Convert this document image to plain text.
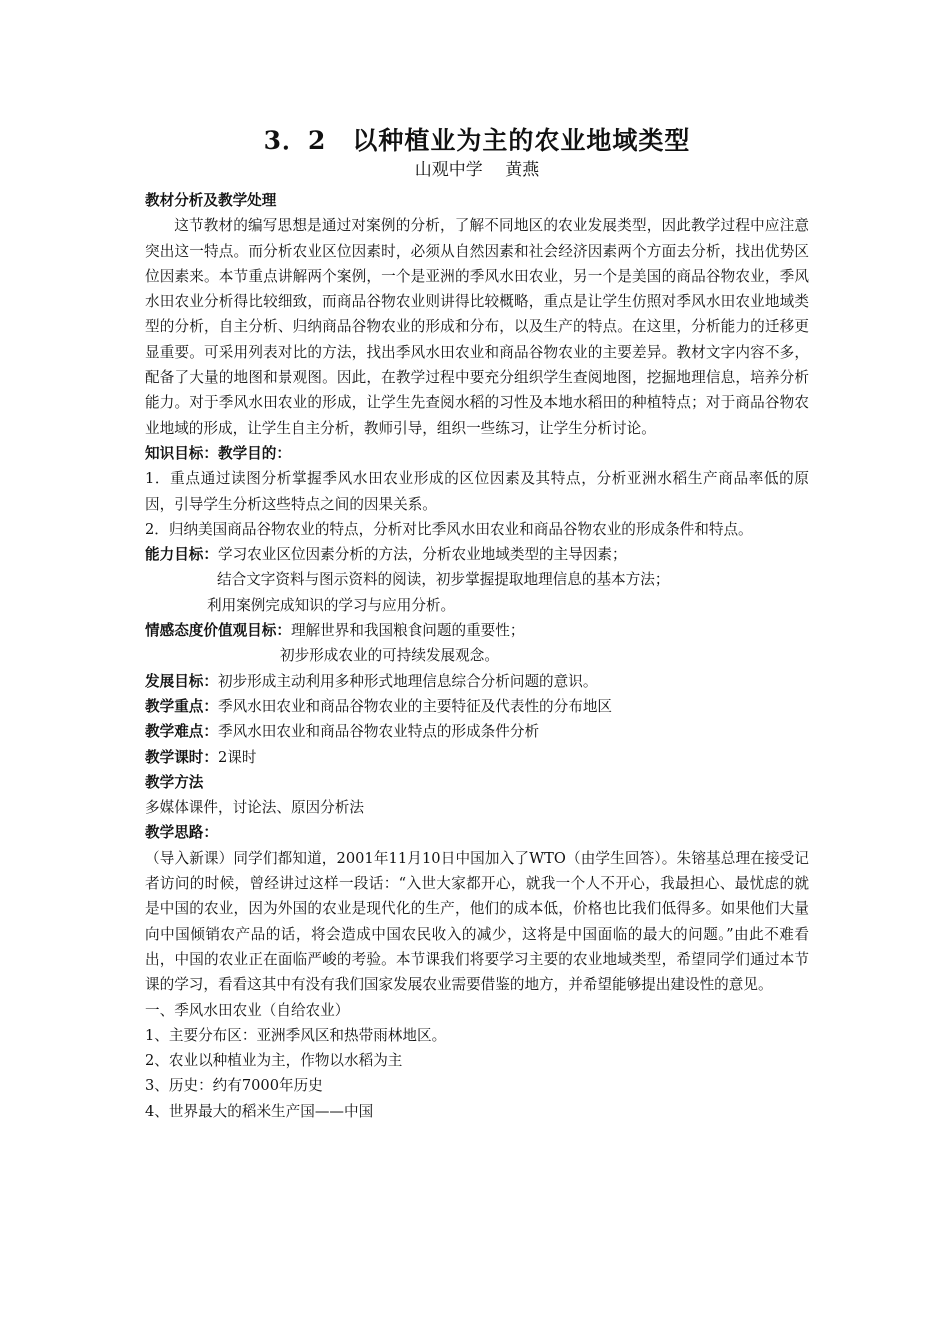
3．2　以种植业为主的农业地域类型

山观中学　 黄燕

教材分析及教学处理

这节教材的编写思想是通过对案例的分析，了解不同地区的农业发展类型，因此教学过程中应注意突出这一特点。而分析农业区位因素时，必须从自然因素和社会经济因素两个方面去分析，找出优势区位因素来。本节重点讲解两个案例，一个是亚洲的季风水田农业，另一个是美国的商品谷物农业，季风水田农业分析得比较细致，而商品谷物农业则讲得比较概略，重点是让学生仿照对季风水田农业地域类型的分析，自主分析、归纳商品谷物农业的形成和分布，以及生产的特点。在这里，分析能力的迁移更显重要。可采用列表对比的方法，找出季风水田农业和商品谷物农业的主要差异。教材文字内容不多，配备了大量的地图和景观图。因此，在教学过程中要充分组织学生查阅地图，挖掘地理信息，培养分析能力。对于季风水田农业的形成，让学生先查阅水稻的习性及本地水稻田的种植特点；对于商品谷物农业地域的形成，让学生自主分析，教师引导，组织一些练习，让学生分析讨论。

知识目标：教学目的：

1．重点通过读图分析掌握季风水田农业形成的区位因素及其特点，分析亚洲水稻生产商品率低的原因，引导学生分析这些特点之间的因果关系。

2．归纳美国商品谷物农业的特点，分析对比季风水田农业和商品谷物农业的形成条件和特点。

能力目标：学习农业区位因素分析的方法，分析农业地域类型的主导因素；

结合文字资料与图示资料的阅读，初步掌握提取地理信息的基本方法；

利用案例完成知识的学习与应用分析。

情感态度价值观目标：理解世界和我国粮食问题的重要性；

初步形成农业的可持续发展观念。

发展目标：初步形成主动利用多种形式地理信息综合分析问题的意识。

教学重点：季风水田农业和商品谷物农业的主要特征及代表性的分布地区

教学难点：季风水田农业和商品谷物农业特点的形成条件分析

教学课时：2课时

教学方法

多媒体课件，讨论法、原因分析法

教学思路：

（导入新课）同学们都知道，2001年11月10日中国加入了WTO（由学生回答）。朱镕基总理在接受记者访问的时候，曾经讲过这样一段话：“入世大家都开心，就我一个人不开心，我最担心、最忧虑的就是中国的农业，因为外国的农业是现代化的生产，他们的成本低，价格也比我们低得多。如果他们大量向中国倾销农产品的话，将会造成中国农民收入的减少，这将是中国面临的最大的问题。”由此不难看出，中国的农业正在面临严峻的考验。本节课我们将要学习主要的农业地域类型，希望同学们通过本节课的学习，看看这其中有没有我们国家发展农业需要借鉴的地方，并希望能够提出建设性的意见。

一、季风水田农业（自给农业）

1、主要分布区：亚洲季风区和热带雨林地区。

2、农业以种植业为主，作物以水稻为主

3、历史：约有7000年历史

4、世界最大的稻米生产国——中国
